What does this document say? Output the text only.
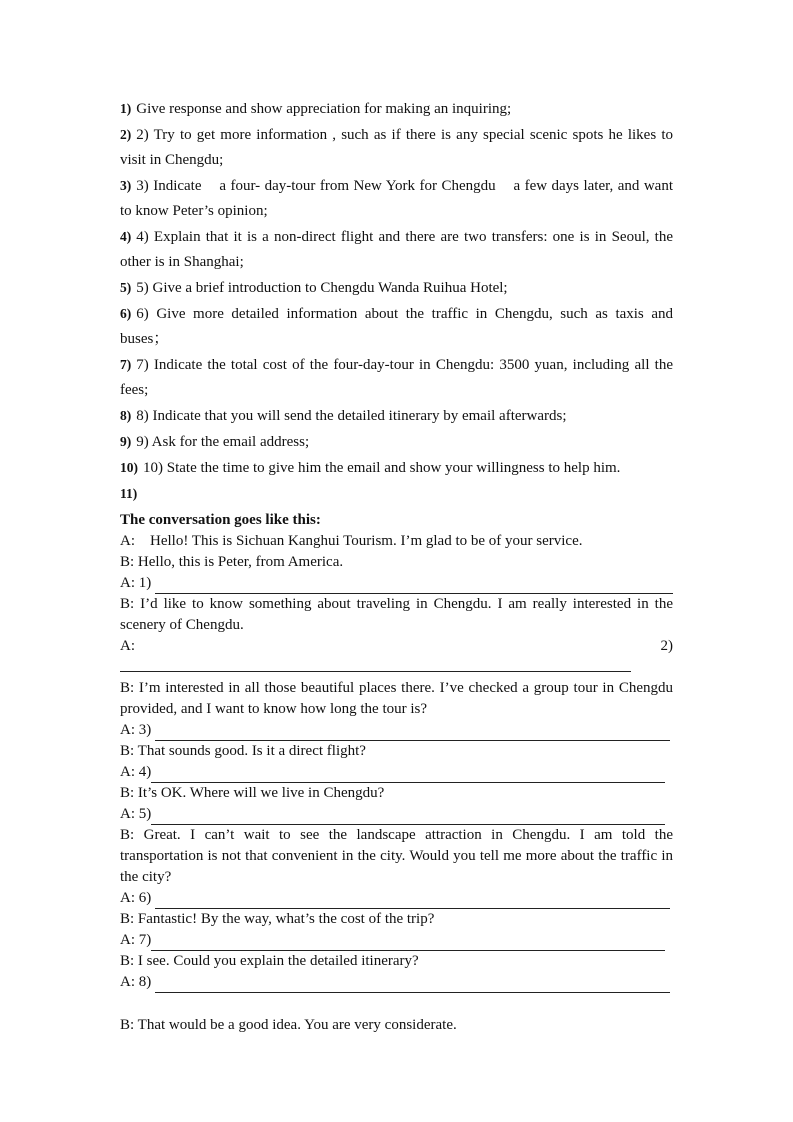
1) Give response and show appreciation for making an inquiring;
2) 2) Try to get more information , such as if there is any special scenic spots he likes to visit in Chengdu;
3) 3) Indicate    a four- day-tour from New York for Chengdu    a few days later, and want to know Peter’s opinion;
4) 4) Explain that it is a non-direct flight and there are two transfers: one is in Seoul, the other is in Shanghai;
5) 5) Give a brief introduction to Chengdu Wanda Ruihua Hotel;
6) 6) Give more detailed information about the traffic in Chengdu, such as taxis and buses；
7) 7) Indicate the total cost of the four-day-tour in Chengdu: 3500 yuan, including all the fees;
8) 8) Indicate that you will send the detailed itinerary by email afterwards;
9) 9) Ask for the email address;
10) 10) State the time to give him the email and show your willingness to help him.
11)
The conversation goes like this:
A:    Hello! This is Sichuan Kanghui Tourism. I’m glad to be of your service.
B: Hello, this is Peter, from America.
A: 1)
B: I’d like to know something about traveling in Chengdu. I am really interested in the scenery of Chengdu.
A:	2)
B: I’m interested in all those beautiful places there. I’ve checked a group tour in Chengdu provided, and I want to know how long the tour is?
A: 3)
B: That sounds good. Is it a direct flight?
A: 4)
B: It’s OK. Where will we live in Chengdu?
A: 5)
B: Great. I can’t wait to see the landscape attraction in Chengdu. I am told the transportation is not that convenient in the city. Would you tell me more about the traffic in the city?
A: 6)
B: Fantastic! By the way, what’s the cost of the trip?
A: 7)
B: I see. Could you explain the detailed itinerary?
A: 8)
B: That would be a good idea. You are very considerate.
